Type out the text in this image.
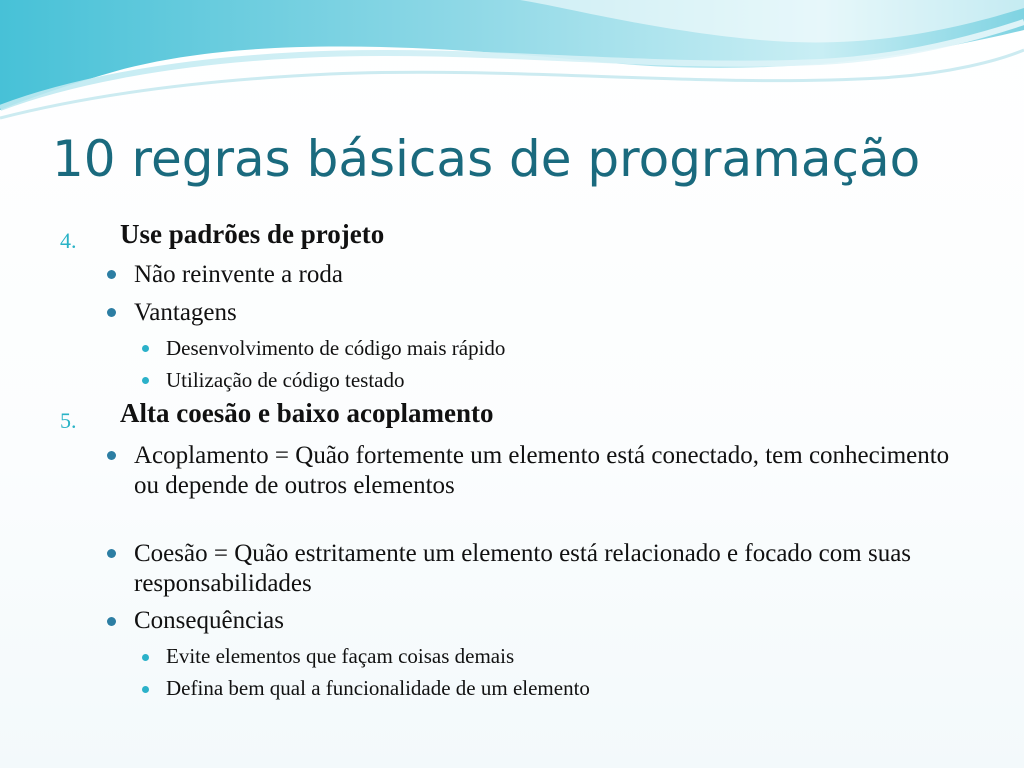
10 regras básicas de programação
4. Use padrões de projeto
Não reinvente a roda
Vantagens
Desenvolvimento de código mais rápido
Utilização de código testado
5. Alta coesão e baixo acoplamento
Acoplamento = Quão fortemente um elemento está conectado, tem conhecimento ou depende de outros elementos
Coesão = Quão estritamente um elemento está relacionado e focado com suas responsabilidades
Consequências
Evite elementos que façam coisas demais
Defina bem qual a funcionalidade de um elemento
